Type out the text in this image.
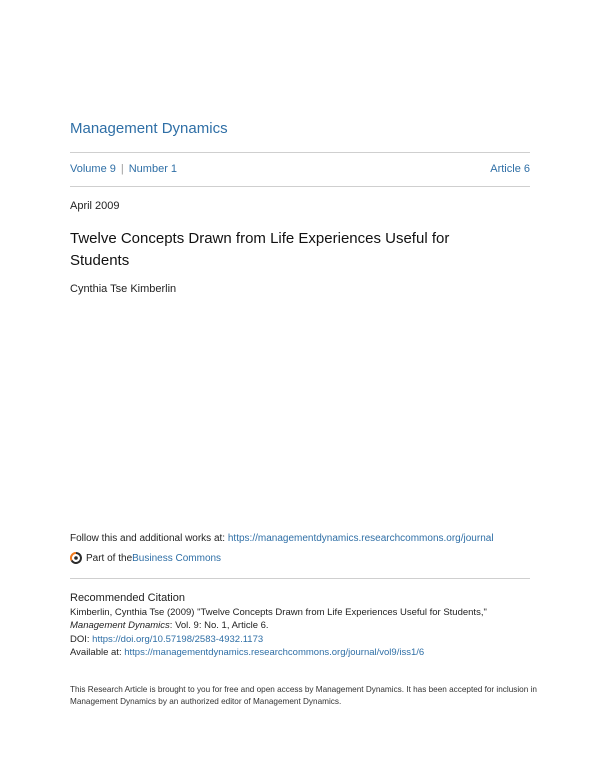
Management Dynamics
Volume 9 | Number 1	Article 6
April 2009
Twelve Concepts Drawn from Life Experiences Useful for Students
Cynthia Tse Kimberlin
Follow this and additional works at: https://managementdynamics.researchcommons.org/journal
Part of the Business Commons
Recommended Citation
Kimberlin, Cynthia Tse (2009) "Twelve Concepts Drawn from Life Experiences Useful for Students,"
Management Dynamics: Vol. 9: No. 1, Article 6.
DOI: https://doi.org/10.57198/2583-4932.1173
Available at: https://managementdynamics.researchcommons.org/journal/vol9/iss1/6
This Research Article is brought to you for free and open access by Management Dynamics. It has been accepted for inclusion in Management Dynamics by an authorized editor of Management Dynamics.
